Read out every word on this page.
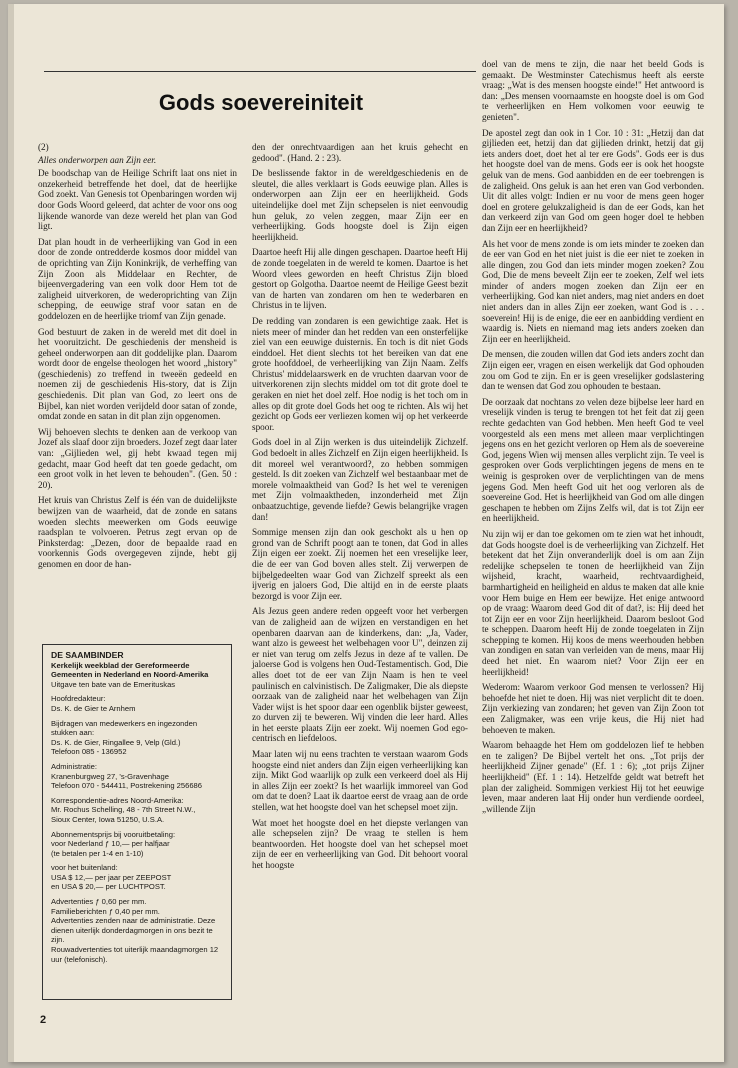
Gods soevereiniteit

(2)

Alles onderworpen aan Zijn eer.

De boodschap van de Heilige Schrift laat ons niet in onzekerheid betreffende het doel, dat de heerlijke God zoekt. Van Genesis tot Openbaringen worden wij door Gods Woord geleerd, dat achter de voor ons oog lijkende wanorde van deze wereld het plan van God ligt.

Dat plan houdt in de verheerlijking van God in een door de zonde ontredderde kosmos door middel van de oprichting van Zijn Koninkrijk, de verheffing van Zijn Zoon als Middelaar en Rechter, de bijeenvergadering van een volk door Hem tot de zaligheid uitverkoren, de wederoprichting van Zijn schepping, de eeuwige straf voor satan en de goddelozen en de heerlijke triomf van Zijn genade.

God bestuurt de zaken in de wereld met dit doel in het vooruitzicht. De geschiedenis der mensheid is geheel onderworpen aan dit goddelijke plan. Daarom wordt door de engelse theologen het woord „history" (geschiedenis) zo treffend in tweeën gedeeld en noemen zij de geschiedenis His-story, dat is Zijn geschiedenis. Dit plan van God, zo leert ons de Bijbel, kan niet worden verijdeld door satan of zonde, omdat zonde en satan in dit plan zijn opgenomen.

Wij behoeven slechts te denken aan de verkoop van Jozef als slaaf door zijn broeders. Jozef zegt daar later van: „Gijlieden wel, gij hebt kwaad tegen mij gedacht, maar God heeft dat ten goede gedacht, om een groot volk in het leven te behouden". (Gen. 50 : 20).

Het kruis van Christus Zelf is één van de duidelijkste bewijzen van de waarheid, dat de zonde en satans woeden slechts meewerken om Gods eeuwige raadsplan te volvoeren. Petrus zegt ervan op de Pinksterdag: „Dezen, door de bepaalde raad en voorkennis Gods overgegeven zijnde, hebt gij genomen en door de han-

DE SAAMBINDER
Kerkelijk weekblad der Gereformeerde Gemeenten in Nederland en Noord-Amerika
Uitgave ten bate van de Emerituskas
Hoofdredakteur:
Ds. K. de Gier te Arnhem
Bijdragen van medewerkers en ingezonden stukken aan:
Ds. K. de Gier, Ringallee 9, Velp (Gld.)
Telefoon 085 - 136952
Administratie:
Kranenburgweg 27, 's-Gravenhage
Telefoon 070 - 544411, Postrekening 256686
Korrespondentie-adres Noord-Amerika:
Mr. Rochus Schelling, 48 - 7th Street N.W.,
Sioux Center, Iowa 51250, U.S.A.
Abonnementsprijs bij vooruitbetaling:
voor Nederland ƒ 10,— per halfjaar
(te betalen per 1-4 en 1-10)
voor het buitenland:
USA $ 12,— per jaar per ZEEPOST
en USA $ 20,— per LUCHTPOST.
Advertenties ƒ 0,60 per mm.
Familieberichten ƒ 0,40 per mm.
Advertenties zenden naar de administratie. Deze dienen uiterlijk donderdagmorgen in ons bezit te zijn.
Rouwadvertenties tot uiterlijk maandagmorgen 12 uur (telefonisch).

den der onrechtvaardigen aan het kruis gehecht en gedood". (Hand. 2 : 23).

De beslissende faktor in de wereldgeschiedenis en de sleutel, die alles verklaart is Gods eeuwige plan. Alles is onderworpen aan Zijn eer en heerlijkheid. Gods uiteindelijke doel met Zijn schepselen is niet eenvoudig hun geluk, zo velen zeggen, maar Zijn eer en verheerlijking. Gods hoogste doel is Zijn eigen heerlijkheid.

Daartoe heeft Hij alle dingen geschapen. Daartoe heeft Hij de zonde toegelaten in de wereld te komen. Daartoe is het Woord vlees geworden en heeft Christus Zijn bloed gestort op Golgotha. Daartoe neemt de Heilige Geest bezit van de harten van zondaren om hen te wederbaren en Christus in te lijven.

De redding van zondaren is een gewichtige zaak. Het is niets meer of minder dan het redden van een onsterfelijke ziel van een eeuwige duisternis. En toch is dit niet Gods einddoel. Het dient slechts tot het bereiken van dat ene grote hoofddoel, de verheerlijking van Zijn Naam. Zelfs Christus' middelaarswerk en de vruchten daarvan voor de uitverkorenen zijn slechts middel om tot dit grote doel te geraken en niet het doel zelf. Hoe nodig is het toch om in alles op dit grote doel Gods het oog te richten. Als wij het gezicht op Gods eer verliezen komen wij op het verkeerde spoor.

Gods doel in al Zijn werken is dus uiteindelijk Zichzelf. God bedoelt in alles Zichzelf en Zijn eigen heerlijkheid. Is dit moreel wel verantwoord?, zo hebben sommigen gesteld. Is dit zoeken van Zichzelf wel bestaanbaar met de morele volmaaktheid van God? Is het wel te verenigen met Zijn volmaaktheden, inzonderheid met Zijn onbaatzuchtige, gevende liefde? Gewis belangrijke vragen dan!

Sommige mensen zijn dan ook geschokt als u hen op grond van de Schrift poogt aan te tonen, dat God in alles Zijn eigen eer zoekt. Zij noemen het een vreselijke leer, die de eer van God boven alles stelt. Zij verwerpen de bijbelgedeelten waar God van Zichzelf spreekt als een ijverig en jaloers God, Die altijd en in de eerste plaats bezorgd is voor Zijn eer.

Als Jezus geen andere reden opgeeft voor het verbergen van de zaligheid aan de wijzen en verstandigen en het openbaren daarvan aan de kinderkens, dan: „Ja, Vader, want alzo is geweest het welbehagen voor U", deinzen zij er niet van terug om zelfs Jezus in deze af te vallen. De jaloerse God is volgens hen Oud-Testamentisch. God, Die alles doet tot de eer van Zijn Naam is hen te veel paulinisch en calvinistisch. De Zaligmaker, Die als diepste oorzaak van de zaligheid naar het welbehagen van Zijn Vader wijst is het spoor daar een ogenblik bijster geweest, zo durven zij te beweren. Wij vinden die leer hard. Alles in het eerste plaats Zijn eer zoekt. Wij noemen God ego-centrisch en liefdeloos.

Maar laten wij nu eens trachten te verstaan waarom Gods hoogste eind niet anders dan Zijn eigen verheerlijking kan zijn. Mikt God waarlijk op zulk een verkeerd doel als Hij in alles Zijn eer zoekt? Is het waarlijk immoreel van God om dat te doen? Laat ik daartoe eerst de vraag aan de orde stellen, wat het hoogste doel van het schepsel moet zijn.

Wat moet het hoogste doel en het diepste verlangen van alle schepselen zijn? De vraag te stellen is hem beantwoorden. Het hoogste doel van het schepsel moet zijn de eer en verheerlijking van God. Dit behoort vooral het hoogste

doel van de mens te zijn, die naar het beeld Gods is gemaakt. De Westminster Catechismus heeft als eerste vraag: „Wat is des mensen hoogste einde!" Het antwoord is dan: „Des mensen voornaamste en hoogste doel is om God te verheerlijken en Hem volkomen voor eeuwig te genieten".

De apostel zegt dan ook in 1 Cor. 10 : 31: „Hetzij dan dat gijlieden eet, hetzij dan dat gijlieden drinkt, hetzij dat gij iets anders doet, doet het al ter ere Gods". Gods eer is dus het hoogste doel van de mens. Gods eer is ook het hoogste geluk van de mens. God aanbidden en de eer toebrengen is de zaligheid. Ons geluk is aan het eren van God verbonden. Uit dit alles volgt: Indien er nu voor de mens geen hoger doel en grotere gelukzaligheid is dan de eer Gods, kan het dan verkeerd zijn van God om geen hoger doel te hebben dan Zijn eer en heerlijkheid?

Als het voor de mens zonde is om iets minder te zoeken dan de eer van God en het niet juist is die eer niet te zoeken in alle dingen, zou God dan iets minder mogen zoeken? Zou God, Die de mens beveelt Zijn eer te zoeken, Zelf wel iets minder of anders mogen zoeken dan Zijn eer en verheerlijking. God kan niet anders, mag niet anders en doet niet anders dan in alles Zijn eer zoeken, want God is . . . soeverein! Hij is de enige, die eer en aanbidding verdient en waardig is. Niets en niemand mag iets anders zoeken dan Zijn eer en heerlijkheid.

De mensen, die zouden willen dat God iets anders zocht dan Zijn eigen eer, vragen en eisen werkelijk dat God ophouden zou om God te zijn. En er is geen vreselijker godslastering dan te wensen dat God zou ophouden te bestaan.

De oorzaak dat nochtans zo velen deze bijbelse leer hard en vreselijk vinden is terug te brengen tot het feit dat zij geen rechte gedachten van God hebben. Men heeft God te veel voorgesteld als een mens met alleen maar verplichtingen jegens ons en het gezicht verloren op Hem als de soevereine God, jegens Wien wij mensen alles verplicht zijn. Te veel is gesproken over Gods verplichtingen jegens de mens en te weinig is gesproken over de verplichtingen van de mens jegens God. Men heeft God uit het oog verloren als de soevereine God. Het is heerlijkheid van God om alle dingen geschapen te hebben om Zijns Zelfs wil, dat is tot Zijn eer en heerlijkheid.

Nu zijn wij er dan toe gekomen om te zien wat het inhoudt, dat Gods hoogste doel is de verheerlijking van Zichzelf. Het betekent dat het Zijn onveranderlijk doel is om aan Zijn redelijke schepselen te tonen de heerlijkheid van Zijn wijsheid, kracht, waarheid, rechtvaardigheid, barmhartigheid en heiligheid en aldus te maken dat alle knie voor Hem buige en Hem eer bewijze. Het enige antwoord op de vraag: Waarom deed God dit of dat?, is: Hij deed het tot Zijn eer en voor Zijn heerlijkheid. Daarom besloot God te scheppen. Daarom heeft Hij de zonde toegelaten in Zijn schepping te komen. Hij koos de mens weerhouden hebben van zondigen en satan van verleiden van de mens, maar Hij deed het niet. En waarom niet? Voor Zijn eer en heerlijkheid!

Wederom: Waarom verkoor God mensen te verlossen? Hij behoefde het niet te doen. Hij was niet verplicht dit te doen. Zijn verkiezing van zondaren; het geven van Zijn Zoon tot een Zaligmaker, was een vrije keus, die Hij niet had behoeven te maken.

Waarom behaagde het Hem om goddelozen lief te hebben en te zaligen? De Bijbel vertelt het ons. „Tot prijs der heerlijkheid Zijner genade" (Ef. 1 : 6); „tot prijs Zijner heerlijkheid" (Ef. 1 : 14). Hetzelfde geldt wat betreft het plan der zaligheid. Sommigen verkiest Hij tot het eeuwige leven, maar anderen laat Hij onder hun verdiende oordeel, „willende Zijn

2
